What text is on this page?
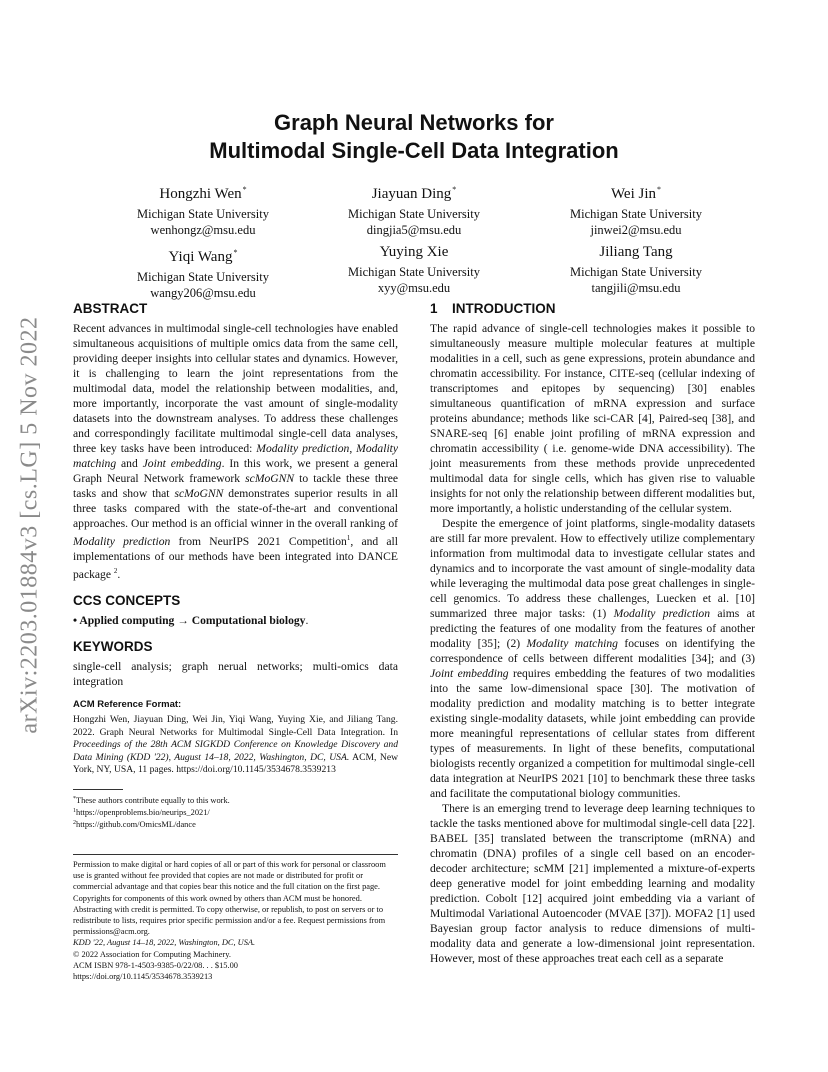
arXiv:2203.01884v3 [cs.LG] 5 Nov 2022
Graph Neural Networks for
Multimodal Single-Cell Data Integration
Hongzhi Wen*
Michigan State University
wenhongz@msu.edu
Jiayuan Ding*
Michigan State University
dingjia5@msu.edu
Wei Jin*
Michigan State University
jinwei2@msu.edu
Yiqi Wang*
Michigan State University
wangy206@msu.edu
Yuying Xie
Michigan State University
xyy@msu.edu
Jiliang Tang
Michigan State University
tangjili@msu.edu
ABSTRACT

Recent advances in multimodal single-cell technologies have enabled simultaneous acquisitions of multiple omics data from the same cell, providing deeper insights into cellular states and dynamics. However, it is challenging to learn the joint representations from the multimodal data, model the relationship between modalities, and, more importantly, incorporate the vast amount of single-modality datasets into the downstream analyses. To address these challenges and correspondingly facilitate multimodal single-cell data analyses, three key tasks have been introduced: Modality prediction, Modality matching and Joint embedding. In this work, we present a general Graph Neural Network framework scMoGNN to tackle these three tasks and show that scMoGNN demonstrates superior results in all three tasks compared with the state-of-the-art and conventional approaches. Our method is an official winner in the overall ranking of Modality prediction from NeurIPS 2021 Competition$^1$, and all implementations of our methods have been integrated into DANCE package $^2$.

CCS CONCEPTS

• Applied computing → Computational biology.

KEYWORDS

single-cell analysis; graph nerual networks; multi-omics data integration

ACM Reference Format:

Hongzhi Wen, Jiayuan Ding, Wei Jin, Yiqi Wang, Yuying Xie, and Jiliang Tang. 2022. Graph Neural Networks for Multimodal Single-Cell Data Integration. In Proceedings of the 28th ACM SIGKDD Conference on Knowledge Discovery and Data Mining (KDD '22), August 14–18, 2022, Washington, DC, USA. ACM, New York, NY, USA, 11 pages. https://doi.org/10.1145/3534678.3539213

*These authors contribute equally to this work.

$^1$https://openproblems.bio/neurips_2021/

$^2$https://github.com/OmicsML/dance

Permission to make digital or hard copies of all or part of this work for personal or classroom use is granted without fee provided that copies are not made or distributed for profit or commercial advantage and that copies bear this notice and the full citation on the first page. Copyrights for components of this work owned by others than ACM must be honored. Abstracting with credit is permitted. To copy otherwise, or republish, to post on servers or to redistribute to lists, requires prior specific permission and/or a fee. Request permissions from permissions@acm.org.

KDD '22, August 14–18, 2022, Washington, DC, USA.

© 2022 Association for Computing Machinery.

ACM ISBN 978-1-4503-9385-0/22/08. . . $15.00

https://doi.org/10.1145/3534678.3539213

1 INTRODUCTION

The rapid advance of single-cell technologies makes it possible to simultaneously measure multiple molecular features at multiple modalities in a cell, such as gene expressions, protein abundance and chromatin accessibility. For instance, CITE-seq (cellular indexing of transcriptomes and epitopes by sequencing) [30] enables simultaneous quantification of mRNA expression and surface proteins abundance; methods like sci-CAR [4], Paired-seq [38], and SNARE-seq [6] enable joint profiling of mRNA expression and chromatin accessibility ( i.e. genome-wide DNA accessibility). The joint measurements from these methods provide unprecedented multimodal data for single cells, which has given rise to valuable insights for not only the relationship between different modalities but, more importantly, a holistic understanding of the cellular system.

Despite the emergence of joint platforms, single-modality datasets are still far more prevalent. How to effectively utilize complementary information from multimodal data to investigate cellular states and dynamics and to incorporate the vast amount of single-modality data while leveraging the multimodal data pose great challenges in single-cell genomics. To address these challenges, Luecken et al. [10] summarized three major tasks: (1) Modality prediction aims at predicting the features of one modality from the features of another modality [35]; (2) Modality matching focuses on identifying the correspondence of cells between different modalities [34]; and (3) Joint embedding requires embedding the features of two modalities into the same low-dimensional space [30]. The motivation of modality prediction and modality matching is to better integrate existing single-modality datasets, while joint embedding can provide more meaningful representations of cellular states from different types of measurements. In light of these benefits, computational biologists recently organized a competition for multimodal single-cell data integration at NeurIPS 2021 [10] to benchmark these three tasks and facilitate the computational biology communities.

There is an emerging trend to leverage deep learning techniques to tackle the tasks mentioned above for multimodal single-cell data [22]. BABEL [35] translated between the transcriptome (mRNA) and chromatin (DNA) profiles of a single cell based on an encoder-decoder architecture; scMM [21] implemented a mixture-of-experts deep generative model for joint embedding learning and modality prediction. Cobolt [12] acquired joint embedding via a variant of Multimodal Variational Autoencoder (MVAE [37]). MOFA2 [1] used Bayesian group factor analysis to reduce dimensions of multi-modality data and generate a low-dimensional joint representation. However, most of these approaches treat each cell as a separate
